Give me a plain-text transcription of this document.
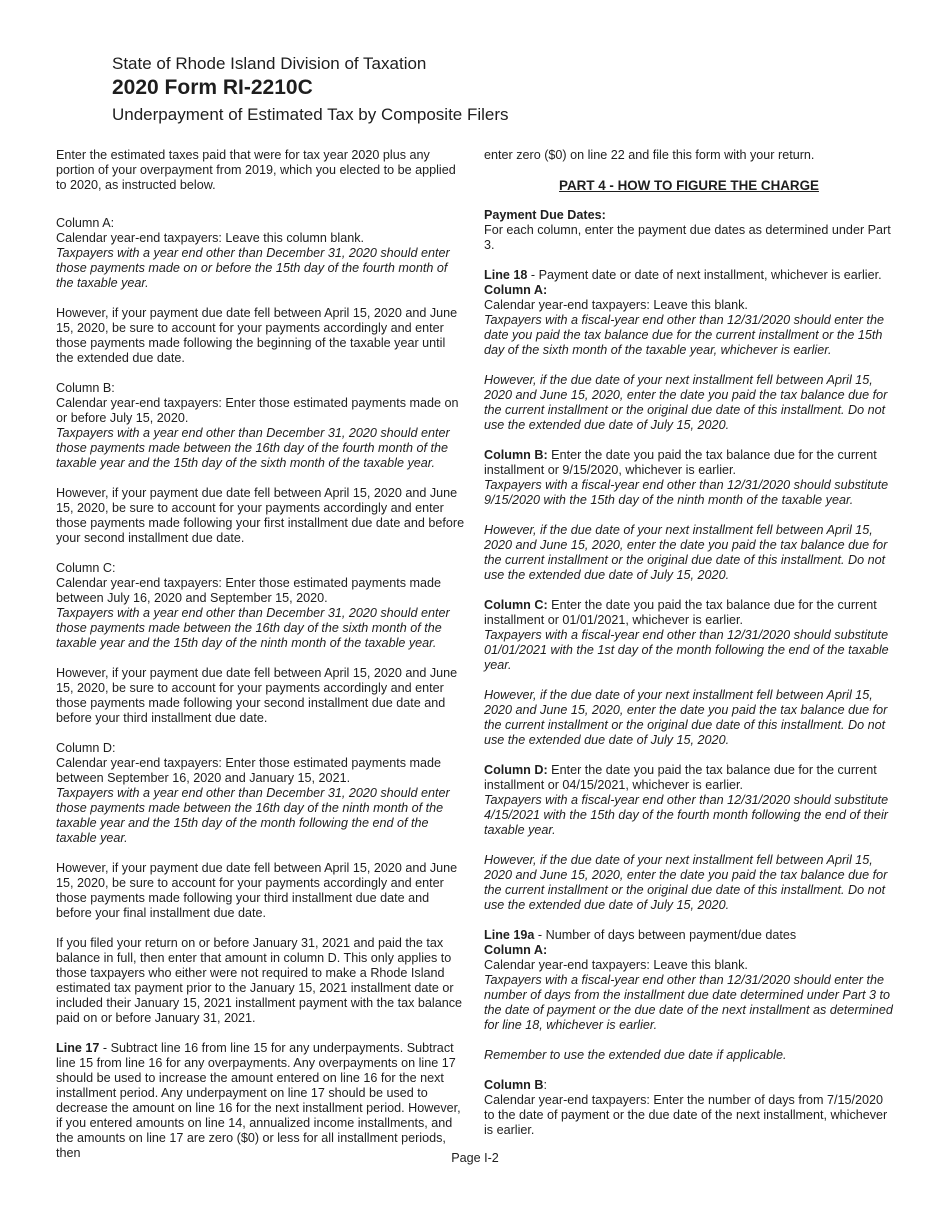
State of Rhode Island Division of Taxation
2020 Form RI-2210C
Underpayment of Estimated Tax by Composite Filers

Enter the estimated taxes paid that were for tax year 2020 plus any portion of your overpayment from 2019, which you elected to be applied to 2020, as instructed below.

Column A:

Calendar year-end taxpayers: Leave this column blank.

Taxpayers with a year end other than December 31, 2020 should enter those payments made on or before the 15th day of the fourth month of the taxable year.

However, if your payment due date fell between April 15, 2020 and June 15, 2020, be sure to account for your payments accordingly and enter those payments made following the beginning of the taxable year until the extended due date.

Column B:

Calendar year-end taxpayers: Enter those estimated payments made on or before July 15, 2020.

Taxpayers with a year end other than December 31, 2020 should enter those payments made between the 16th day of the fourth month of the taxable year and the 15th day of the sixth month of the taxable year.

However, if your payment due date fell between April 15, 2020 and June 15, 2020, be sure to account for your payments accordingly and enter those payments made following your first installment due date and before your second installment due date.

Column C:

Calendar year-end taxpayers: Enter those estimated payments made between July 16, 2020 and September 15, 2020.

Taxpayers with a year end other than December 31, 2020 should enter those payments made between the 16th day of the sixth month of the taxable year and the 15th day of the ninth month of the taxable year.

However, if your payment due date fell between April 15, 2020 and June 15, 2020, be sure to account for your payments accordingly and enter those payments made following your second installment due date and before your third installment due date.

Column D:

Calendar year-end taxpayers: Enter those estimated payments made between September 16, 2020 and January 15, 2021.

Taxpayers with a year end other than December 31, 2020 should enter those payments made between the 16th day of the ninth month of the taxable year and the 15th day of the month following the end of the taxable year.

However, if your payment due date fell between April 15, 2020 and June 15, 2020, be sure to account for your payments accordingly and enter those payments made following your third installment due date and before your final installment due date.

If you filed your return on or before January 31, 2021 and paid the tax balance in full, then enter that amount in column D. This only applies to those taxpayers who either were not required to make a Rhode Island estimated tax payment prior to the January 15, 2021 installment date or included their January 15, 2021 installment payment with the tax balance paid on or before January 31, 2021.

Line 17 - Subtract line 16 from line 15 for any underpayments. Subtract line 15 from line 16 for any overpayments. Any overpayments on line 17 should be used to increase the amount entered on line 16 for the next installment period. Any underpayment on line 17 should be used to decrease the amount on line 16 for the next installment period. However, if you entered amounts on line 14, annualized income installments, and the amounts on line 17 are zero ($0) or less for all installment periods, then

enter zero ($0) on line 22 and file this form with your return.

PART 4 - HOW TO FIGURE THE CHARGE

Payment Due Dates:

For each column, enter the payment due dates as determined under Part 3.

Line 18 - Payment date or date of next installment, whichever is earlier.

Column A:

Calendar year-end taxpayers: Leave this blank.

Taxpayers with a fiscal-year end other than 12/31/2020 should enter the date you paid the tax balance due for the current installment or the 15th day of the sixth month of the taxable year, whichever is earlier.

However, if the due date of your next installment fell between April 15, 2020 and June 15, 2020, enter the date you paid the tax balance due for the current installment or the original due date of this installment. Do not use the extended due date of July 15, 2020.

Column B: Enter the date you paid the tax balance due for the current installment or 9/15/2020, whichever is earlier.

Taxpayers with a fiscal-year end other than 12/31/2020 should substitute 9/15/2020 with the 15th day of the ninth month of the taxable year.

However, if the due date of your next installment fell between April 15, 2020 and June 15, 2020, enter the date you paid the tax balance due for the current installment or the original due date of this installment. Do not use the extended due date of July 15, 2020.

Column C: Enter the date you paid the tax balance due for the current installment or 01/01/2021, whichever is earlier.

Taxpayers with a fiscal-year end other than 12/31/2020 should substitute 01/01/2021 with the 1st day of the month following the end of the taxable year.

However, if the due date of your next installment fell between April 15, 2020 and June 15, 2020, enter the date you paid the tax balance due for the current installment or the original due date of this installment. Do not use the extended due date of July 15, 2020.

Column D: Enter the date you paid the tax balance due for the current installment or 04/15/2021, whichever is earlier.

Taxpayers with a fiscal-year end other than 12/31/2020 should substitute 4/15/2021 with the 15th day of the fourth month following the end of their taxable year.

However, if the due date of your next installment fell between April 15, 2020 and June 15, 2020, enter the date you paid the tax balance due for the current installment or the original due date of this installment. Do not use the extended due date of July 15, 2020.

Line 19a - Number of days between payment/due dates

Column A:

Calendar year-end taxpayers: Leave this blank.

Taxpayers with a fiscal-year end other than 12/31/2020 should enter the number of days from the installment due date determined under Part 3 to the date of payment or the due date of the next installment as determined for line 18, whichever is earlier.

Remember to use the extended due date if applicable.

Column B:

Calendar year-end taxpayers: Enter the number of days from 7/15/2020 to the date of payment or the due date of the next installment, whichever is earlier.

Page I-2
